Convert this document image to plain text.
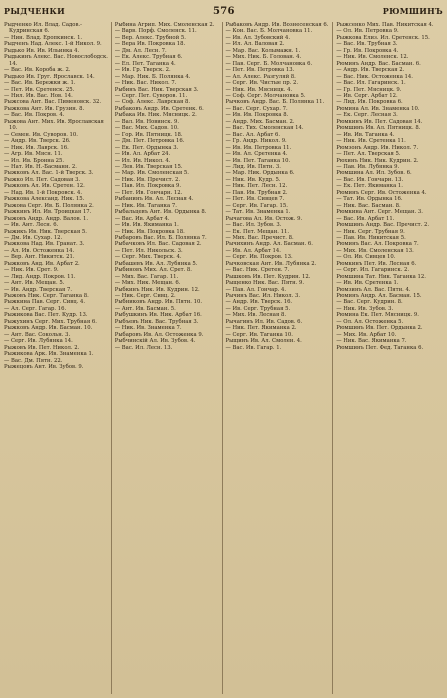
РЫДЧЕНКИ	576	РЮМШИНЪ

Рыдченко Ил. Влад. Садов.-Кудринская 6.

— Нин. Влад. Еропкинск. 1.

Рыдченъ Над. Алекс. 1-й Никол. 9.

Рыдько Ив. Ив. Ильинка 4.

Рыдькинъ Алекс. Вас. Новослободск. 14.

— Вас. Ив. Короба ж. 2.

Рыдько Ив. Груг. Ярославск. 14.

— Вас. Ив. Бережки ж. 1.

— Пет. Ив. Сретенск. 25.

— Нил. Ив. Вас. Нов. 14.

Рыжсова Ант. Вас. Пименовск. 32.

Рыжкова Ант. Ив. Грузин. 8.

— Вас. Ив. Покров. 4.

Рыжова Ант. Мих. Ив. Ярославская 10.

— Семен. Ив. Суворов. 10.

— Андр. Ив. Тверск. 26.

— Ник. Ив. Лаврск. 16.

— Агр. Ив. Мясн. 11.

— Ил. Ив. Бронна 25.

— Нат. Ив. Н.-Басманн. 2.

Рыжковъ Ал. Вас. 1-й Тверск. 3.

Рыжко Ил. Пет. Садовая 3.

Рыжковъ Ал. Ив. Сретен. 12.

— Над. Ив. 1-й Покровск. 4.

Рыжкова Александ. Ник. 15.

Рыжова Серг. Ив. Б. Полянка 2.

Рыжкинъ Ил. Ив. Троицкая 17.

Рыжовъ Андр. Андр. Валов. 1.

— Ив. Ант. Лесн. 6.

Рыжикъ Ив. Ник. Тверская 5.

— Дм. Ив. Сухар. 12.

Рыжкова Над. Ив. Гранат. 3.

— Ал. Ив. Остоженка 14.

— Вер. Ант. Никитск. 21.

Рыжковъ Анд. Ив. Арбат 2.

— Ник. Ив. Срет. 9.

— Лид. Андр. Покров. 11.

— Ант. Ив. Мещан. 5.

— Ив. Андр. Тверская 7.

Рыжовъ Ник. Серг. Таганка 8.

Рыжкина Пав. Серг. Сивц. 4.

— Ал. Серг. Гагар. 16.

Рыжикова Вас. Пет. Кудр. 13.

Рыжухинъ Серг. Мих. Трубная 6.

Рыжковъ Андр. Ив. Басман. 10.

— Ант. Вас. Сокольн. 3.

— Серг. Ив. Лубянка 14.

Рыжовъ Ив. Пет. Никол. 2.

Рыжикова Арк. Ив. Знаменка 1.

— Вас. Дм. Пятн. 22.

Рыжецовъ Ант. Ив. Зубов. 9.

Рыбина Агрип. Мих. Смоленская 2.

— Варв. Порф. Смоленск. 11.

— Вер. Алекс. Трубной 5.

— Вера Ив. Покровка 18.

— Дм. Ал. Лесн. 7.

— Ек. Алекс. Трубная 6.

— Ел. Пет. Таганка 4.

— Ив. Гр. Тверск. 2.

— Мар. Ник. Б. Полянка 4.

— Ник. Вас. Никол. 7.

Рыбинъ Вас. Ник. Тверская 3.

— Серг. Пет. Суворов. 11.

— Соф. Алекс. Лаврская 8.

Рыбаковъ Андр. Ив. Сретенк. 6.

Рыбака Ив. Ник. Мясницк. 2.

— Вал. Ив. Новинск. 9.

— Вас. Мих. Садов. 10.

— Гор. Ив. Пятницк. 18.

— Дм. Пет. Петровка 16.

— Ек. Пет. Ордынка 3.

— Ив. Ал. Арбат 24.

— Ил. Ив. Никол. 4.

— Лев. Ив. Тверская 15.

— Мар. Ив. Смоленская 5.

— Ник. Ив. Пречист. 2.

— Пав. Ил. Покровка 9.

— Пет. Ив. Гончарн. 12.

Рыбанинъ Ив. Ал. Лесная 4.

— Ник. Ив. Таганка 7.

Рыбальцевъ Ант. Ив. Ордынка 8.

— Вас. Ив. Арбат 4.

— Ив. Ив. Якиманка 1.

— Ник. Ив. Покровка 18.

Рыбаровъ Вас. Ил. Б. Полянка 7.

Рыбачковъ Ил. Вас. Садовая 2.

— Пет. Ил. Никольск. 3.

— Серг. Мих. Тверск. 4.

Рыбашевъ Ив. Ал. Лубянка 5.

Рыбиновъ Мих. Ал. Срет. 8.

— Мих. Вас. Гагар. 11.

— Мих. Ник. Мещан. 6.

Рыбкинъ Ник. Ив. Кудрин. 12.

— Ник. Серг. Сивц. 2.

Рыбниковъ Андр. Ив. Пятн. 10.

— Ант. Ив. Басман. 5.

Рыбушкинъ Ив. Ник. Арбат 16.

Рыбъевъ Ник. Вас. Трубная 3.

— Ник. Ив. Знаменка 7.

Рыбаровъ Ив. Ал. Остоженка 9.

Рыбчинскій Ал. Ив. Зубов. 4.

— Вас. Ил. Лесн. 13.

Рыбаковъ Андр. Ив. Вознесенская 6.

— Кон. Вас. Б. Молчановка 11.

— Ив. Ал. Зубовский 4.

— Ил. Ал. Валовая 2.

— Мар. Вас. Колымажн. 1.

— Мих. Ник. Б. Голован. 4.

— Пав. Серг. Б. Молчановка 6.

— Пет. Ив. Петровка 13.

— Ал. Алекс. Разгуляй 8.

— Серг. Ив. Чистые пр. 2.

— Ник. Ив. Мясницк. 4.

— Соф. Серг. Молчановка 5.

Рычковъ Андр. Вас. Б. Полянка 11.

— Вас. Серг. Сухар. 7.

— Ив. Ив. Покровка 8.

— Андр. Мих. Басман. 2.

— Вас. Тих. Смоленская 14.

— Вас. Ал. Арбат 6.

— Гр. Андр. Никол. 9.

— Ив. Ив. Петровка 11.

— Ив. Ал. Сретенка 4.

— Ив. Пет. Таганка 10.

— Лид. Ив. Пятн. 3.

— Мар. Ник. Ордынка 6.

— Ник. Ив. Кудр. 5.

— Ник. Пет. Лесн. 12.

— Пав. Ив. Трубная 2.

— Пет. Ив. Сивцев 7.

— Серг. Ив. Гагар. 15.

— Тат. Ив. Знаменка 1.

Рычагова Ал. Ив. Остож. 9.

— Вас. Ил. Зубов. 3.

— Ек. Пет. Мещан. 11.

— Мих. Вас. Пречист. 8.

Рычихинъ Андр. Ал. Басман. 6.

— Ив. Ал. Арбат 14.

— Серг. Ив. Покров. 13.

Рычковская Ант. Ив. Лубянка 2.

— Вас. Ник. Сретен. 7.

Рышковъ Ив. Пет. Кудрин. 12.

Рыщенко Ник. Вас. Пятн. 9.

— Пав. Ал. Гончар. 4.

Рычинъ Вас. Ил. Никол. 3.

— Андр. Ив. Тверск. 16.

— Ив. Серг. Трубная 5.

— Мих. Ив. Лесная 8.

Рычагинъ Ил. Ив. Садов. 6.

— Ник. Пет. Якиманка 2.

— Серг. Ив. Таганка 10.

Рыщинъ Ив. Ал. Смолен. 4.

— Вас. Ив. Гагар. 1.

Рыжсенко Мих. Пав. Никитская 4.

— Ол. Ив. Петровка 9.

Рыжкова Елиз. Ил. Сретенск. 15.

— Вас. Ив. Трубная 3.

— Гр. Ив. Покровка 4.

— Ник. Ив. Смоленск. 12.

Рюминъ Андр. Вас. Басман. 6.

— Андр. Ив. Тверская 2.

— Вас. Ник. Остоженка 14.

— Вас. Ил. Гагаринск. 1.

— Гр. Пет. Мясницк. 9.

— Ив. Серг. Арбат 12.

— Лид. Ив. Покровка 6.

Рюмина Ал. Ив. Знаменка 10.

— Ек. Серг. Лесная 3.

Рюмкинъ Ив. Пет. Садовая 14.

Рюмшинъ Ив. Ал. Пятницк. 8.

— Ив. Ив. Таганка 4.

— Ник. Ив. Сретенка 11.

Рюмзонъ Андр. Ив. Никол. 7.

— Пет. Ал. Тверская 5.

Рюхинъ Ник. Ник. Кудрин. 2.

— Пав. Ив. Лубянка 9.

Рюмшина Ал. Ил. Зубов. 6.

— Вас. Ив. Гончарн. 13.

— Ек. Пет. Якиманка 1.

Рюминъ Серг. Ив. Остоженка 4.

— Тат. Ив. Ордынка 16.

— Ник. Вас. Басман. 8.

Рюмкина Ант. Серг. Мещан. 3.

— Вас. Ив. Арбат 11.

Рюмшинъ Андр. Вас. Пречист. 2.

— Ник. Серг. Трубная 9.

— Пав. Ив. Никитская 5.

Рюминъ Вас. Ал. Покровка 7.

— Мих. Ив. Смоленская 13.

— Ол. Ив. Сивцев 10.

Рюмкинъ Пет. Ив. Лесная 6.

— Серг. Ил. Гагаринск. 2.

Рюмшина Тат. Ник. Таганка 12.

— Ив. Ив. Сретенка 1.

Рюмзинъ Ал. Вас. Пятн. 4.

Рюминъ Андр. Ал. Басман. 15.

— Вас. Серг. Кудрин. 8.

— Ник. Ив. Зубов. 3.

Рюмина Ек. Пет. Мясницк. 9.

— Ол. Ал. Остоженка 5.

Рюмшинъ Ив. Пет. Ордынка 2.

— Мих. Ив. Арбат 10.

— Ник. Вас. Якиманка 7.

Рюмшинъ Пет. Фед. Таганка 6.
